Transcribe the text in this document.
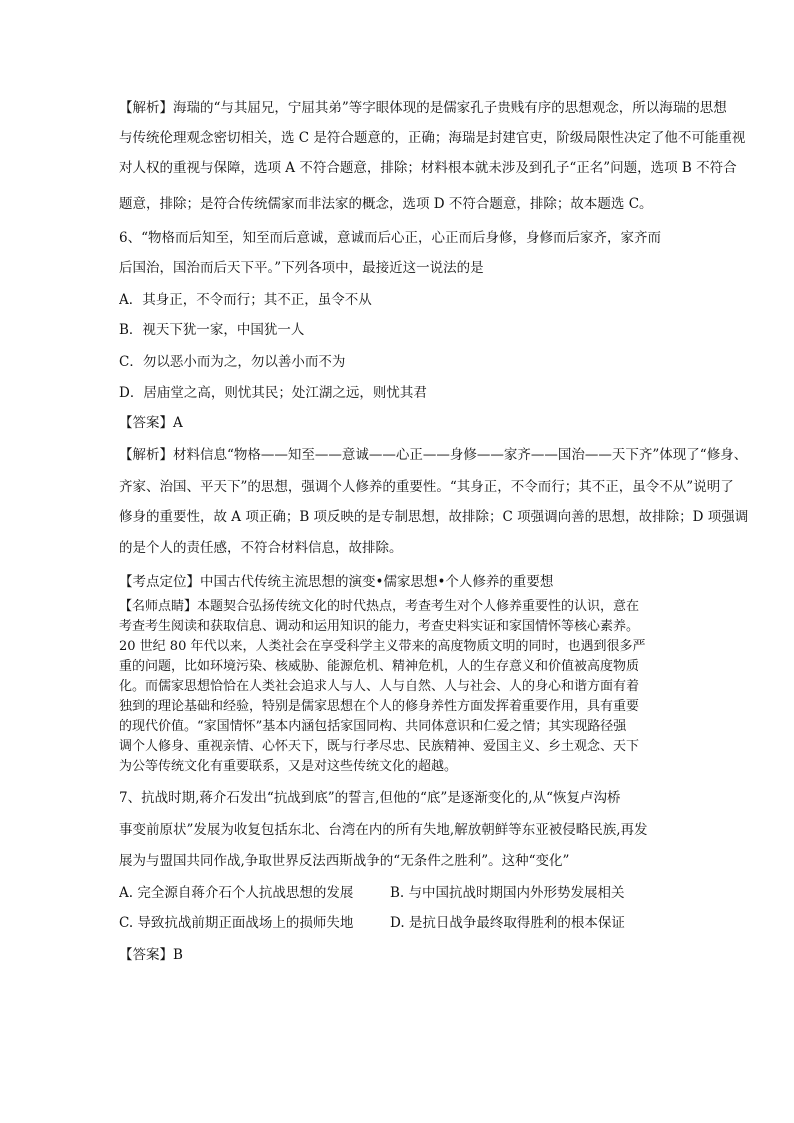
【解析】海瑞的“与其屈兄，宁屈其弟”等字眼体现的是儒家孔子贵贱有序的思想观念，所以海瑞的思想
与传统伦理观念密切相关，选 C 是符合题意的，正确；海瑞是封建官吏，阶级局限性决定了他不可能重视
对人权的重视与保障，选项 A 不符合题意，排除；材料根本就未涉及到孔子“正名”问题，选项 B 不符合
题意，排除；是符合传统儒家而非法家的概念，选项 D 不符合题意，排除；故本题选 C。
6、“物格而后知至，知至而后意诚，意诚而后心正，心正而后身修，身修而后家齐，家齐而
后国治，国治而后天下平。”下列各项中，最接近这一说法的是
A．其身正，不令而行；其不正，虽令不从
B．视天下犹一家，中国犹一人
C．勿以恶小而为之，勿以善小而不为
D．居庙堂之高，则忧其民；处江湖之远，则忧其君
【答案】A
【解析】材料信息“物格——知至——意诚——心正——身修——家齐——国治——天下齐”体现了“修身、
齐家、治国、平天下”的思想，强调个人修养的重要性。“其身正，不令而行；其不正，虽令不从”说明了
修身的重要性，故 A 项正确；B 项反映的是专制思想，故排除；C 项强调向善的思想，故排除；D 项强调
的是个人的责任感，不符合材料信息，故排除。
【考点定位】中国古代传统主流思想的演变•儒家思想•个人修养的重要想
【名师点睛】本题契合弘扬传统文化的时代热点，考查考生对个人修养重要性的认识，意在
考查考生阅读和获取信息、调动和运用知识的能力，考查史料实证和家国情怀等核心素养。
20 世纪 80 年代以来，人类社会在享受科学主义带来的高度物质文明的同时，也遇到很多严
重的问题，比如环境污染、核威胁、能源危机、精神危机，人的生存意义和价值被高度物质
化。而儒家思想恰恰在人类社会追求人与人、人与自然、人与社会、人的身心和谐方面有着
独到的理论基础和经验，特别是儒家思想在个人的修身养性方面发挥着重要作用，具有重要
的现代价值。“家国情怀”基本内涵包括家国同构、共同体意识和仁爱之情；其实现路径强
调个人修身、重视亲情、心怀天下，既与行孝尽忠、民族精神、爱国主义、乡土观念、天下
为公等传统文化有重要联系，又是对这些传统文化的超越。
7、抗战时期,蒋介石发出“抗战到底”的誓言,但他的“底”是逐渐变化的,从“恢复卢沟桥
事变前原状”发展为收复包括东北、台湾在内的所有失地,解放朝鲜等东亚被侵略民族,再发
展为与盟国共同作战,争取世界反法西斯战争的“无条件之胜利”。这种“变化”
A. 完全源自蒋介石个人抗战思想的发展	B. 与中国抗战时期国内外形势发展相关
C. 导致抗战前期正面战场上的损师失地	D. 是抗日战争最终取得胜利的根本保证
【答案】B
